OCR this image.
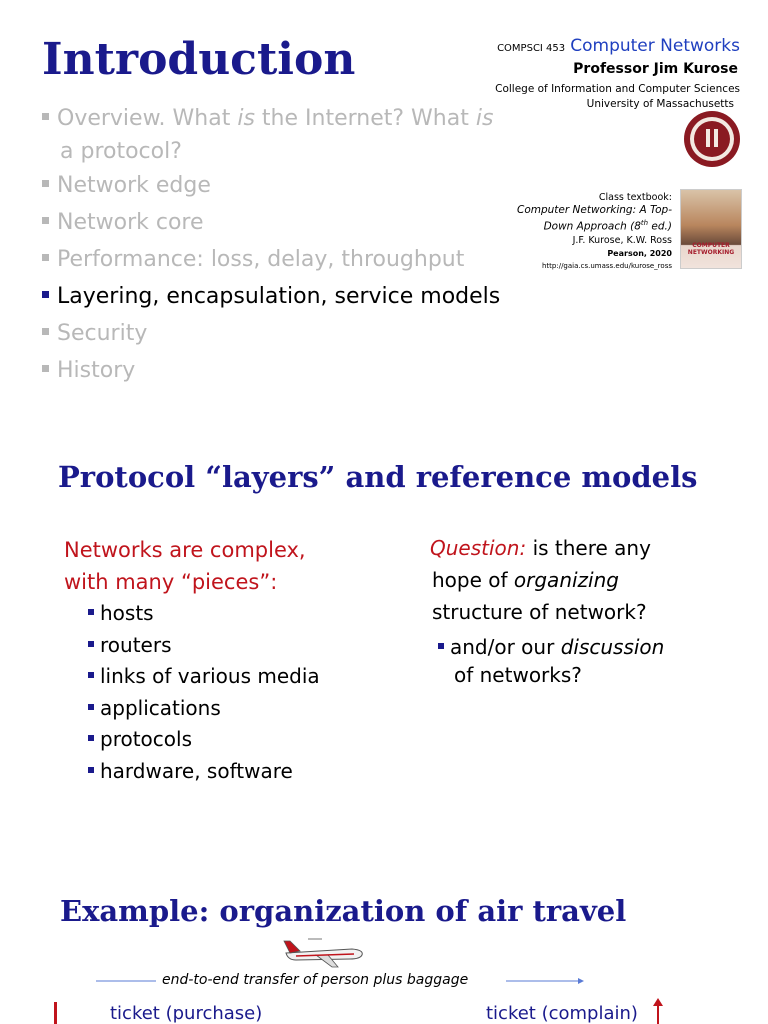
Introduction	COMPSCI 453 Computer Networks
Professor Jim Kurose
College of Information and Computer Sciences
University of Massachusetts
Overview. What is the Internet? What is
a protocol?
Network edge
Network core
Performance: loss, delay, throughput
Layering, encapsulation, service models
Security
History
Class textbook:
Computer Networking: A Top-
Down Approach (8th ed.)
J.F. Kurose, K.W. Ross
Pearson, 2020
http://gaia.cs.umass.edu/kurose_ross
COMPUTER NETWORKING
Protocol “layers” and reference models
Networks are complex,
with many “pieces”:
hosts
routers
links of various media
applications
protocols
hardware, software
Question: is there any
hope of organizing
structure of network?
and/or our discussion
of networks?
Example: organization of air travel
end-to-end transfer of person plus baggage
ticket (purchase)	ticket (complain)
